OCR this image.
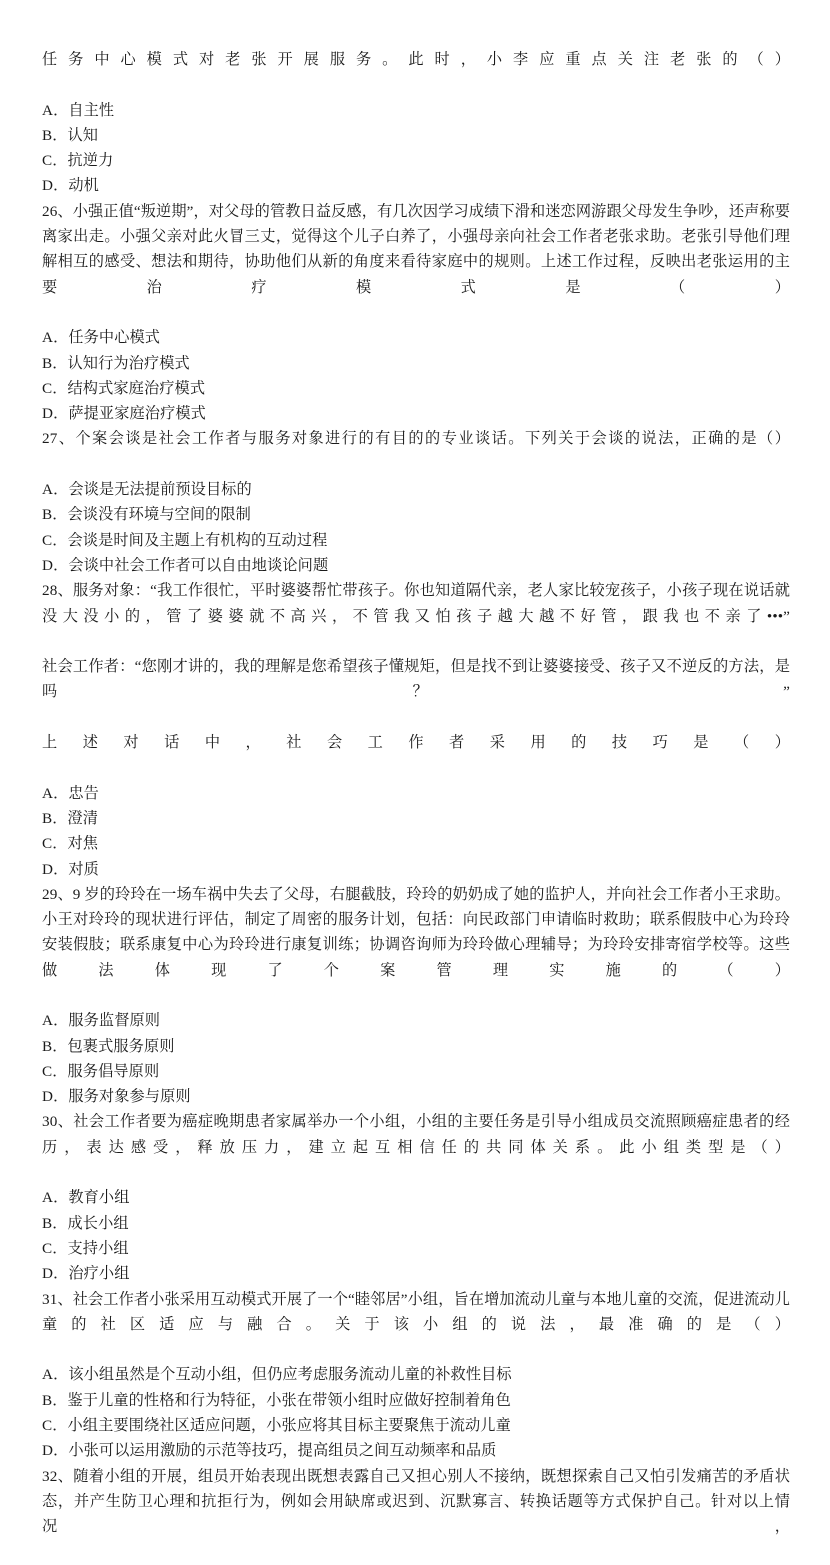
任务中心模式对老张开展服务。此时，小李应重点关注老张的（）

A．自主性

B．认知

C．抗逆力

D．动机

26、小强正值“叛逆期”，对父母的管教日益反感，有几次因学习成绩下滑和迷恋网游跟父母发生争吵，还声称要离家出走。小强父亲对此火冒三丈，觉得这个儿子白养了，小强母亲向社会工作者老张求助。老张引导他们理解相互的感受、想法和期待，协助他们从新的角度来看待家庭中的规则。上述工作过程，反映出老张运用的主要治疗模式是（）

A．任务中心模式

B．认知行为治疗模式

C．结构式家庭治疗模式

D．萨提亚家庭治疗模式

27、个案会谈是社会工作者与服务对象进行的有目的的专业谈话。下列关于会谈的说法，正确的是（）

A．会谈是无法提前预设目标的

B．会谈没有环境与空间的限制

C．会谈是时间及主题上有机构的互动过程

D．会谈中社会工作者可以自由地谈论问题

28、服务对象：“我工作很忙，平时婆婆帮忙带孩子。你也知道隔代亲，老人家比较宠孩子，小孩子现在说话就没大没小的，管了婆婆就不高兴，不管我又怕孩子越大越不好管，跟我也不亲了•••”

社会工作者：“您刚才讲的，我的理解是您希望孩子懂规矩，但是找不到让婆婆接受、孩子又不逆反的方法，是吗？”

上述对话中，社会工作者采用的技巧是（）

A．忠告

B．澄清

C．对焦

D．对质

29、9 岁的玲玲在一场车祸中失去了父母，右腿截肢，玲玲的奶奶成了她的监护人，并向社会工作者小王求助。小王对玲玲的现状进行评估，制定了周密的服务计划，包括：向民政部门申请临时救助；联系假肢中心为玲玲安装假肢；联系康复中心为玲玲进行康复训练；协调咨询师为玲玲做心理辅导；为玲玲安排寄宿学校等。这些做法体现了个案管理实施的（）

A．服务监督原则

B．包裹式服务原则

C．服务倡导原则

D．服务对象参与原则

30、社会工作者要为癌症晚期患者家属举办一个小组，小组的主要任务是引导小组成员交流照顾癌症患者的经历，表达感受，释放压力，建立起互相信任的共同体关系。此小组类型是（）

A．教育小组

B．成长小组

C．支持小组

D．治疗小组

31、社会工作者小张采用互动模式开展了一个“睦邻居”小组，旨在增加流动儿童与本地儿童的交流，促进流动儿童的社区适应与融合。关于该小组的说法，最准确的是（）

A．该小组虽然是个互动小组，但仍应考虑服务流动儿童的补救性目标

B．鉴于儿童的性格和行为特征，小张在带领小组时应做好控制着角色

C．小组主要围绕社区适应问题，小张应将其目标主要聚焦于流动儿童

D．小张可以运用激励的示范等技巧，提高组员之间互动频率和品质

32、随着小组的开展，组员开始表现出既想表露自己又担心别人不接纳，既想探索自己又怕引发痛苦的矛盾状态，并产生防卫心理和抗拒行为，例如会用缺席或迟到、沉默寡言、转换话题等方式保护自己。针对以上情况，
